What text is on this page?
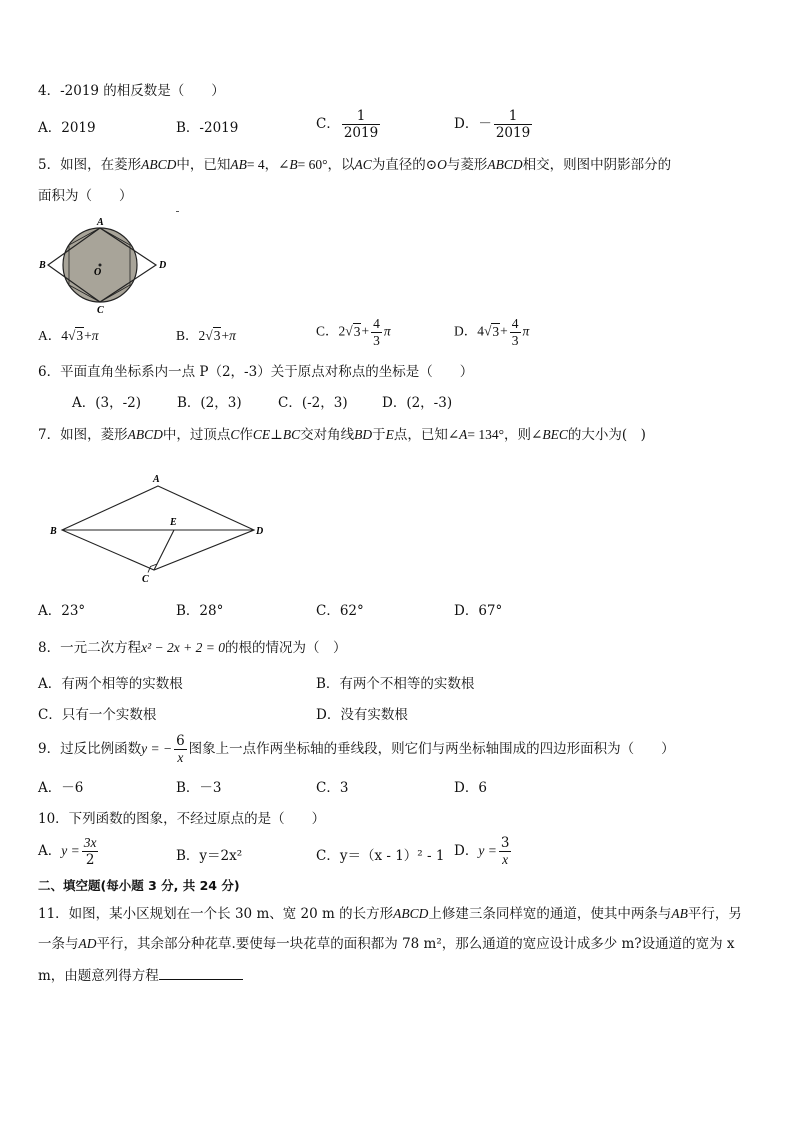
4．-2019 的相反数是（　　）
A．2019	B．-2019	C． $\frac{1}{2019}$	D．－ $\frac{1}{2019}$
5．如图，在菱形ABCD中，已知AB= 4，∠B= 60°，以AC为直径的⊙O与菱形ABCD相交，则图中阴影部分的
面积为（　　）
A
B	D
C
O
A．4√3+π	B．2√3+π	C．$2√3+ \frac{4}{3}$ π	D．$4√3+ \frac{4}{3}$ π
6．平面直角坐标系内一点 P（2，-3）关于原点对称点的坐标是（　　）
A．(3，-2)	B．(2，3)	C．(-2，3)	D．(2，-3)
7．如图，菱形ABCD中，过顶点C作CE⊥BC交对角线BD于E点，已知∠A= 134°，则∠BEC的大小为(　)
A
B	D
E
C
A．23°	B．28°	C．62°	D．67°
8．一元二次方程x² − 2x + 2 = 0的根的情况为（　）
A．有两个相等的实数根	B．有两个不相等的实数根
C．只有一个实数根	D．没有实数根
9．过反比例函数y = − $\frac{6}{x}$ 图象上一点作两坐标轴的垂线段，则它们与两坐标轴围成的四边形面积为（　　）
A．－6	B．－3	C．3	D．6
10．下列函数的图象，不经过原点的是（　　）
A．$y = \frac{3x}{2}$	B．y＝2x²	C．y＝（x - 1）² - 1 D．$y = \frac{3}{x}$
二、填空题(每小题 3 分, 共 24 分)
11．如图，某小区规划在一个长 30 m、宽 20 m 的长方形ABCD上修建三条同样宽的通道，使其中两条与AB平行，另
一条与AD平行，其余部分种花草.要使每一块花草的面积都为 78 m²，那么通道的宽应设计成多少 m?设通道的宽为 x
m，由题意列得方程
